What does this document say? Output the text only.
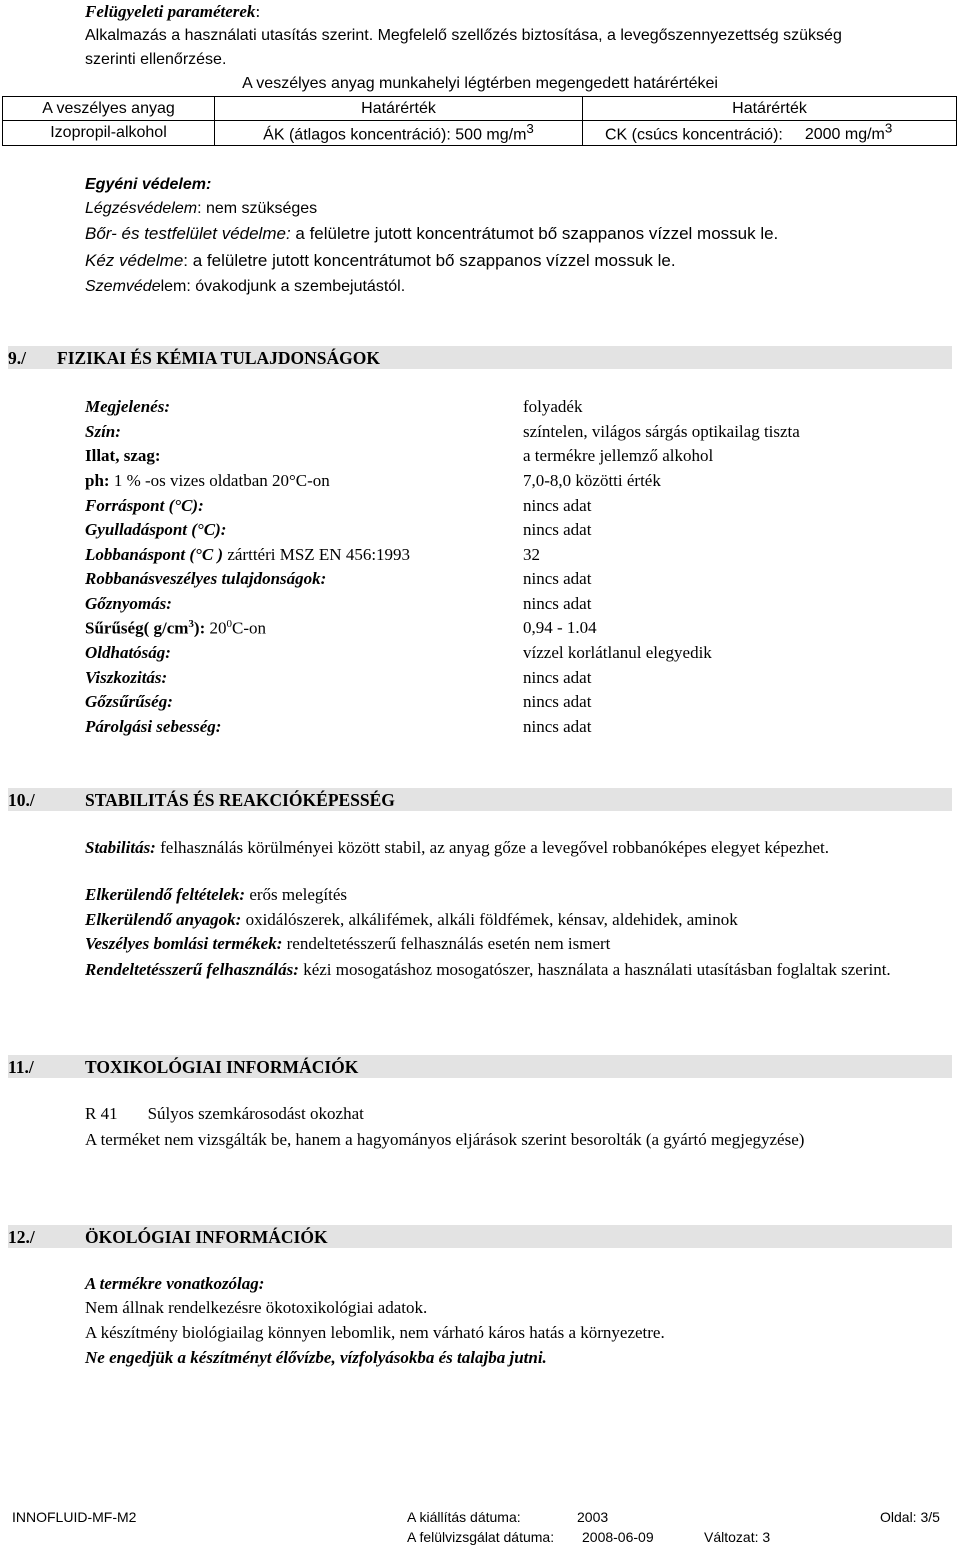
Felügyeleti paraméterek:
Alkalmazás a használati utasítás szerint. Megfelelő szellőzés biztosítása, a levegőszennyezettség szükség
szerinti ellenőrzése.
A veszélyes anyag munkahelyi légtérben megengedett határértékei
A veszélyes anyag	Határérték	Határérték
Izopropil-alkohol	ÁK (átlagos koncentráció): 500 $mg/m^3$	CK (csúcs koncentráció): 2000 $mg/m^3$
Egyéni védelem:
Légzésvédelem: nem szükséges
Bőr- és testfelület védelme: a felületre jutott koncentrátumot bő szappanos vízzel mossuk le.
Kéz védelme: a felületre jutott koncentrátumot bő szappanos vízzel mossuk le.
Szemvédelem: óvakodjunk a szembejutástól.
9./ FIZIKAI ÉS KÉMIA TULAJDONSÁGOK
Megjelenés:	folyadék
Szín:	színtelen, világos sárgás optikailag tiszta
Illat, szag:	a termékre jellemző alkohol
ph: 1 % -os vizes oldatban 20°C-on	7,0-8,0 közötti érték
Forráspont (°C):	nincs adat
Gyulladáspont (°C):	nincs adat
Lobbanáspont (°C ) zárttéri MSZ EN 456:1993	32
Robbanásveszélyes tulajdonságok:	nincs adat
Gőznyomás:	nincs adat
Sűrűség( $g/cm^3$): $20^0C-on$	0,94 - 1.04
Oldhatóság:	vízzel korlátlanul elegyedik
Viszkozitás:	nincs adat
Gőzsűrűség:	nincs adat
Párolgási sebesség:	nincs adat
10./	STABILITÁS ÉS REAKCIÓKÉPESSÉG
Stabilitás: felhasználás körülményei között stabil, az anyag gőze a levegővel robbanóképes elegyet képezhet.
Elkerülendő feltételek: erős melegítés
Elkerülendő anyagok: oxidálószerek, alkálifémek, alkáli földfémek, kénsav, aldehidek, aminok
Veszélyes bomlási termékek: rendeltetésszerű felhasználás esetén nem ismert
Rendeltetésszerű felhasználás: kézi mosogatáshoz mosogatószer, használata a használati utasításban foglaltak szerint.
11./	TOXIKOLÓGIAI INFORMÁCIÓK
R 41 Súlyos szemkárosodást okozhat
A terméket nem vizsgálták be, hanem a hagyományos eljárások szerint besorolták (a gyártó megjegyzése)
12./	ÖKOLÓGIAI INFORMÁCIÓK
A termékre vonatkozólag:
Nem állnak rendelkezésre ökotoxikológiai adatok.
A készítmény biológiailag könnyen lebomlik, nem várható káros hatás a környezetre.
Ne engedjük a készítményt élővízbe, vízfolyásokba és talajba jutni.
INNOFLUID-MF-M2	A kiállítás dátuma:	2003	Oldal: 3/5
A felülvizsgálat dátuma: 2008-06-09	Változat: 3
